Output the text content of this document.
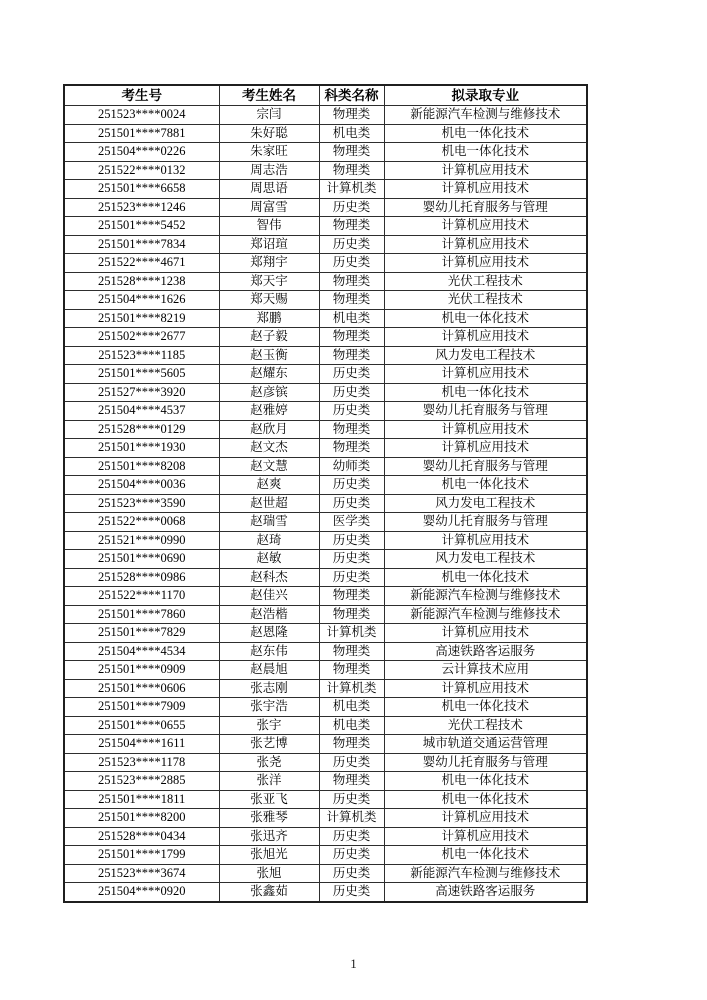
考生号	考生姓名	科类名称	拟录取专业
251523****0024	宗闫	物理类	新能源汽车检测与维修技术
251501****7881	朱好聪	机电类	机电一体化技术
251504****0226	朱家旺	物理类	机电一体化技术
251522****0132	周志浩	物理类	计算机应用技术
251501****6658	周思语	计算机类	计算机应用技术
251523****1246	周富雪	历史类	婴幼儿托育服务与管理
251501****5452	智伟	物理类	计算机应用技术
251501****7834	郑诏瑄	历史类	计算机应用技术
251522****4671	郑翔宇	历史类	计算机应用技术
251528****1238	郑天宇	物理类	光伏工程技术
251504****1626	郑天赐	物理类	光伏工程技术
251501****8219	郑鹏	机电类	机电一体化技术
251502****2677	赵子毅	物理类	计算机应用技术
251523****1185	赵玉衡	物理类	风力发电工程技术
251501****5605	赵耀东	历史类	计算机应用技术
251527****3920	赵彦镔	历史类	机电一体化技术
251504****4537	赵雅婷	历史类	婴幼儿托育服务与管理
251528****0129	赵欣月	物理类	计算机应用技术
251501****1930	赵文杰	物理类	计算机应用技术
251501****8208	赵文慧	幼师类	婴幼儿托育服务与管理
251504****0036	赵爽	历史类	机电一体化技术
251523****3590	赵世超	历史类	风力发电工程技术
251522****0068	赵瑞雪	医学类	婴幼儿托育服务与管理
251521****0990	赵琦	历史类	计算机应用技术
251501****0690	赵敏	历史类	风力发电工程技术
251528****0986	赵科杰	历史类	机电一体化技术
251522****1170	赵佳兴	物理类	新能源汽车检测与维修技术
251501****7860	赵浩楷	物理类	新能源汽车检测与维修技术
251501****7829	赵恩隆	计算机类	计算机应用技术
251504****4534	赵东伟	物理类	高速铁路客运服务
251501****0909	赵晨旭	物理类	云计算技术应用
251501****0606	张志刚	计算机类	计算机应用技术
251501****7909	张宇浩	机电类	机电一体化技术
251501****0655	张宇	机电类	光伏工程技术
251504****1611	张艺博	物理类	城市轨道交通运营管理
251523****1178	张尧	历史类	婴幼儿托育服务与管理
251523****2885	张洋	物理类	机电一体化技术
251501****1811	张亚飞	历史类	机电一体化技术
251501****8200	张雅琴	计算机类	计算机应用技术
251528****0434	张迅齐	历史类	计算机应用技术
251501****1799	张旭光	历史类	机电一体化技术
251523****3674	张旭	历史类	新能源汽车检测与维修技术
251504****0920	张鑫茹	历史类	高速铁路客运服务
1
